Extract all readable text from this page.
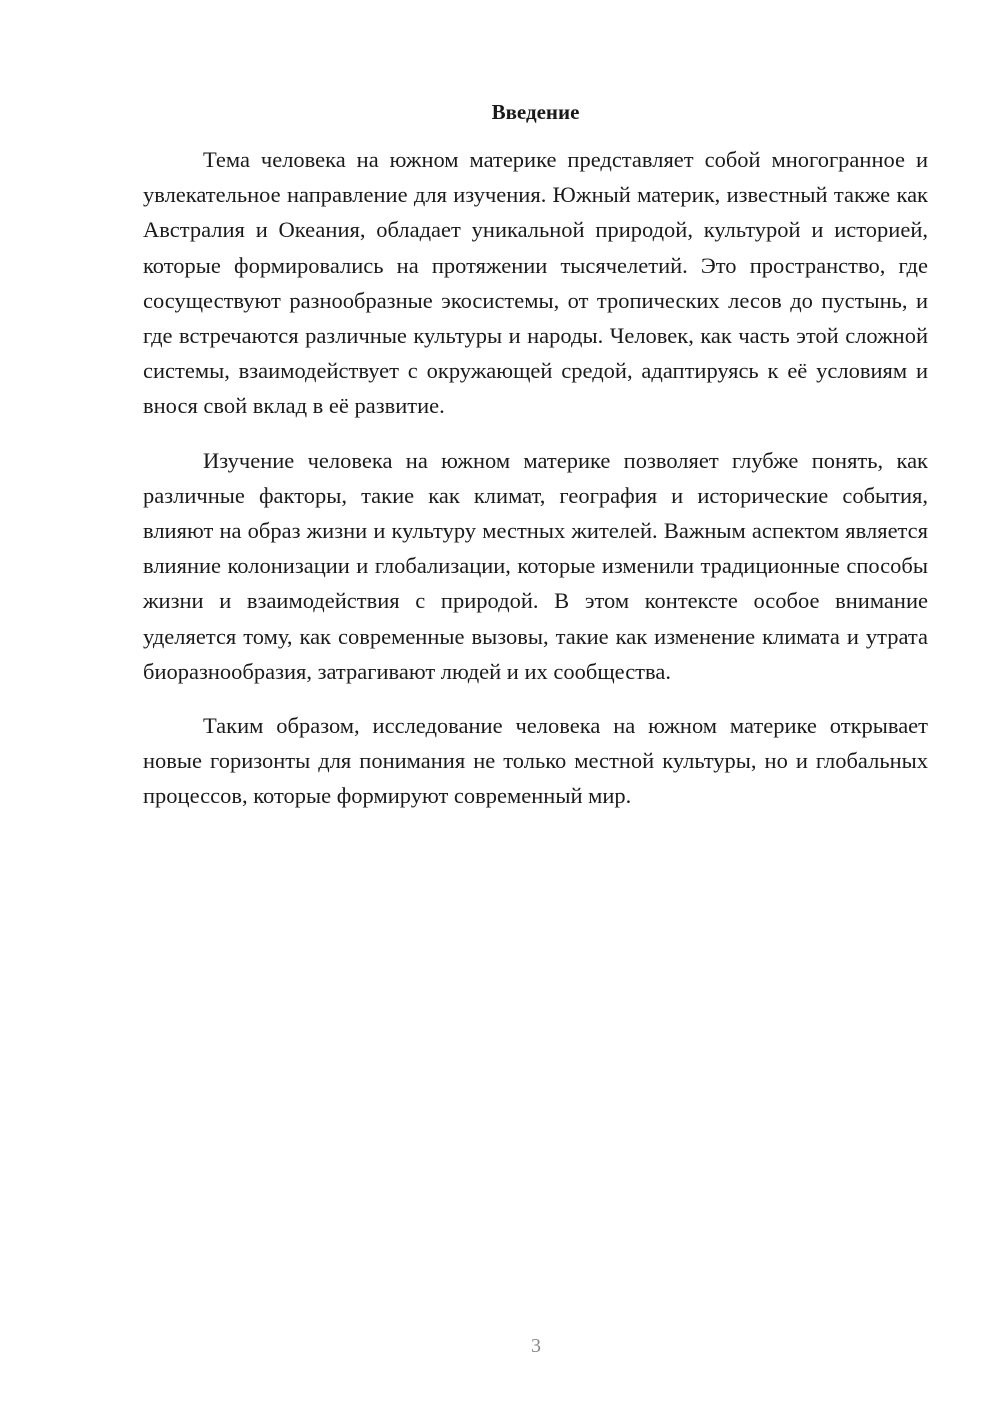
Введение

Тема человека на южном материке представляет собой многогранное и увлекательное направление для изучения. Южный материк, известный также как Австралия и Океания, обладает уникальной природой, культурой и историей, которые формировались на протяжении тысячелетий. Это пространство, где сосуществуют разнообразные экосистемы, от тропических лесов до пустынь, и где встречаются различные культуры и народы. Человек, как часть этой сложной системы, взаимодействует с окружающей средой, адаптируясь к её условиям и внося свой вклад в её развитие.

Изучение человека на южном материке позволяет глубже понять, как различные факторы, такие как климат, география и исторические события, влияют на образ жизни и культуру местных жителей. Важным аспектом является влияние колонизации и глобализации, которые изменили традиционные способы жизни и взаимодействия с природой. В этом контексте особое внимание уделяется тому, как современные вызовы, такие как изменение климата и утрата биоразнообразия, затрагивают людей и их сообщества.

Таким образом, исследование человека на южном материке открывает новые горизонты для понимания не только местной культуры, но и глобальных процессов, которые формируют современный мир.

3
